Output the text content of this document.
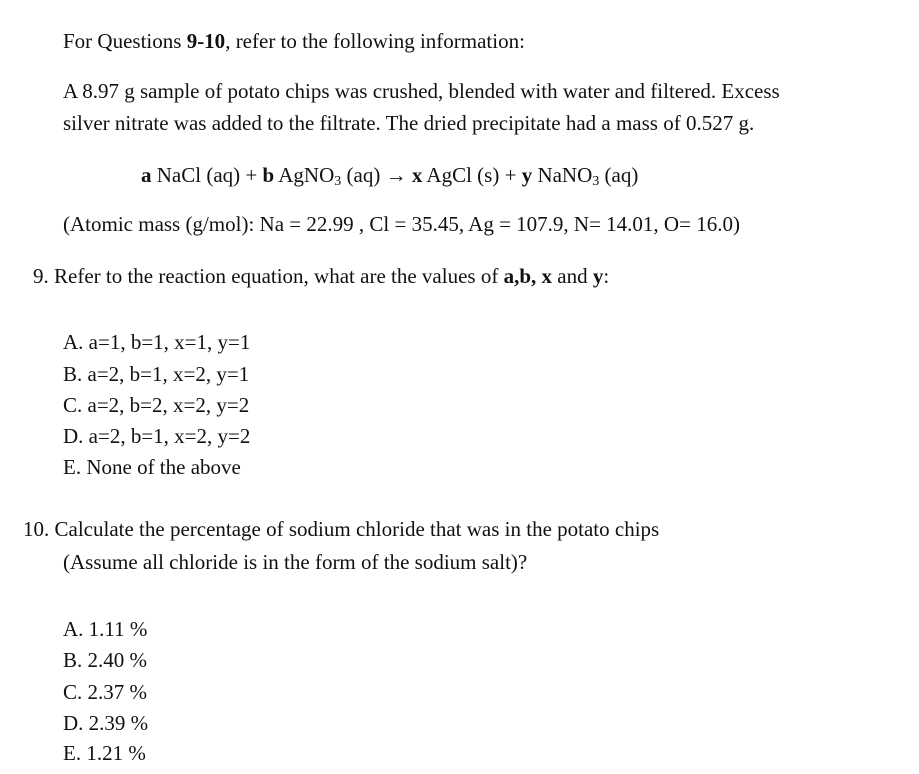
For Questions 9-10, refer to the following information:
A 8.97 g sample of potato chips was crushed, blended with water and filtered. Excess
silver nitrate was added to the filtrate. The dried precipitate had a mass of 0.527 g.
a NaCl (aq) + b AgNO$_3$ (aq) → x AgCl (s) + y NaNO$_3$ (aq)
(Atomic mass (g/mol): Na = 22.99 , Cl = 35.45, Ag = 107.9, N= 14.01, O= 16.0)
9. Refer to the reaction equation, what are the values of a,b, x and y:
A. a=1, b=1, x=1, y=1
B. a=2, b=1, x=2, y=1
C. a=2, b=2, x=2, y=2
D. a=2, b=1, x=2, y=2
E. None of the above
10. Calculate the percentage of sodium chloride that was in the potato chips
(Assume all chloride is in the form of the sodium salt)?
A. 1.11 %
B. 2.40 %
C. 2.37 %
D. 2.39 %
E. 1.21 %
